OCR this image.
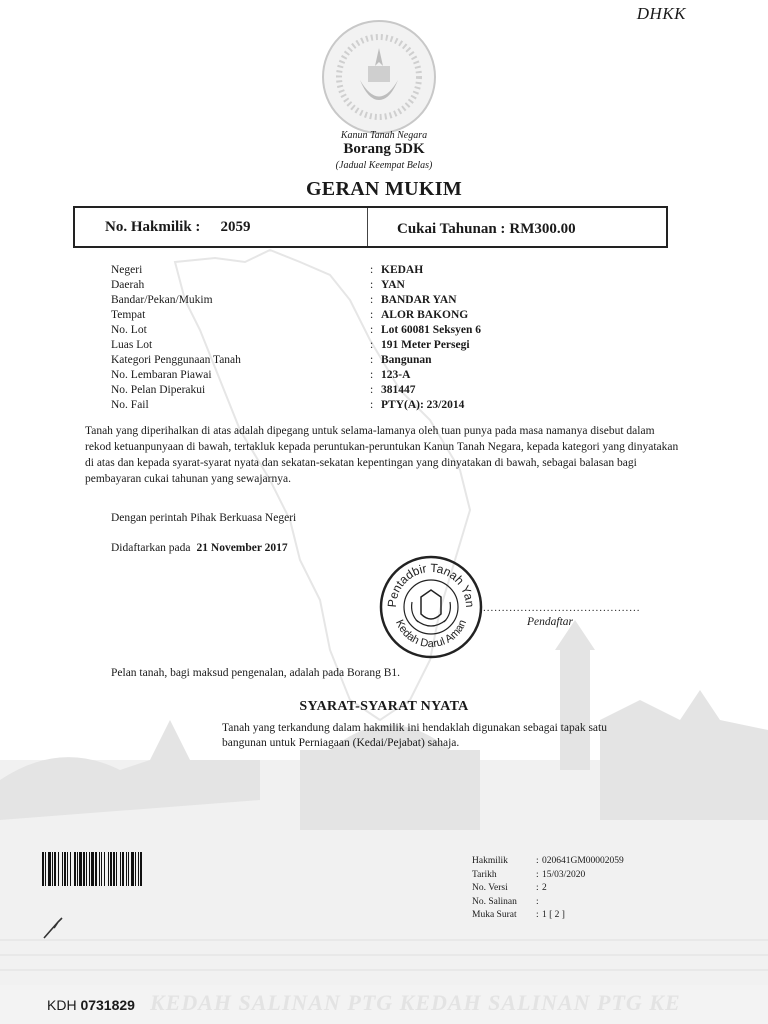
DHKK
Kanun Tanah Negara
Borang 5DK
(Jadual Keempat Belas)
GERAN MUKIM
No. Hakmilik : 2059	Cukai Tahunan : RM300.00
Negeri	: KEDAH
Daerah	: YAN
Bandar/Pekan/Mukim	: BANDAR YAN
Tempat	: ALOR BAKONG
No. Lot	: Lot 60081 Seksyen 6
Luas Lot	: 191 Meter Persegi
Kategori Penggunaan Tanah	: Bangunan
No. Lembaran Piawai	: 123-A
No. Pelan Diperakui	: 381447
No. Fail	: PTY(A): 23/2014

Tanah yang diperihalkan di atas adalah dipegang untuk selama-lamanya oleh tuan punya pada masa namanya disebut dalam rekod ketuanpunyaan di bawah, tertakluk kepada peruntukan-peruntukan Kanun Tanah Negara, kepada kategori yang dinyatakan di atas dan kepada syarat-syarat nyata dan sekatan-sekatan kepentingan yang dinyatakan di bawah, sebagai balasan bagi pembayaran cukai tahunan yang sewajarnya.

Dengan perintah Pihak Berkuasa Negeri
Didaftarkan pada 21 November 2017
Pentadbir Tanah Yan
Kedah Darul Aman
..........................................
Pendaftar
Pelan tanah, bagi maksud pengenalan, adalah pada Borang B1.
SYARAT-SYARAT NYATA
Tanah yang terkandung dalam hakmilik ini hendaklah digunakan sebagai tapak satu bangunan untuk Perniagaan (Kedai/Pejabat) sahaja.
Hakmilik	: 020641GM00002059
Tarikh	: 15/03/2020
No. Versi	: 2
No. Salinan	:
Muka Surat	: 1 [ 2 ]
KEDAH SALINAN PTG KEDAH SALINAN PTG KE
KDH 0731829
